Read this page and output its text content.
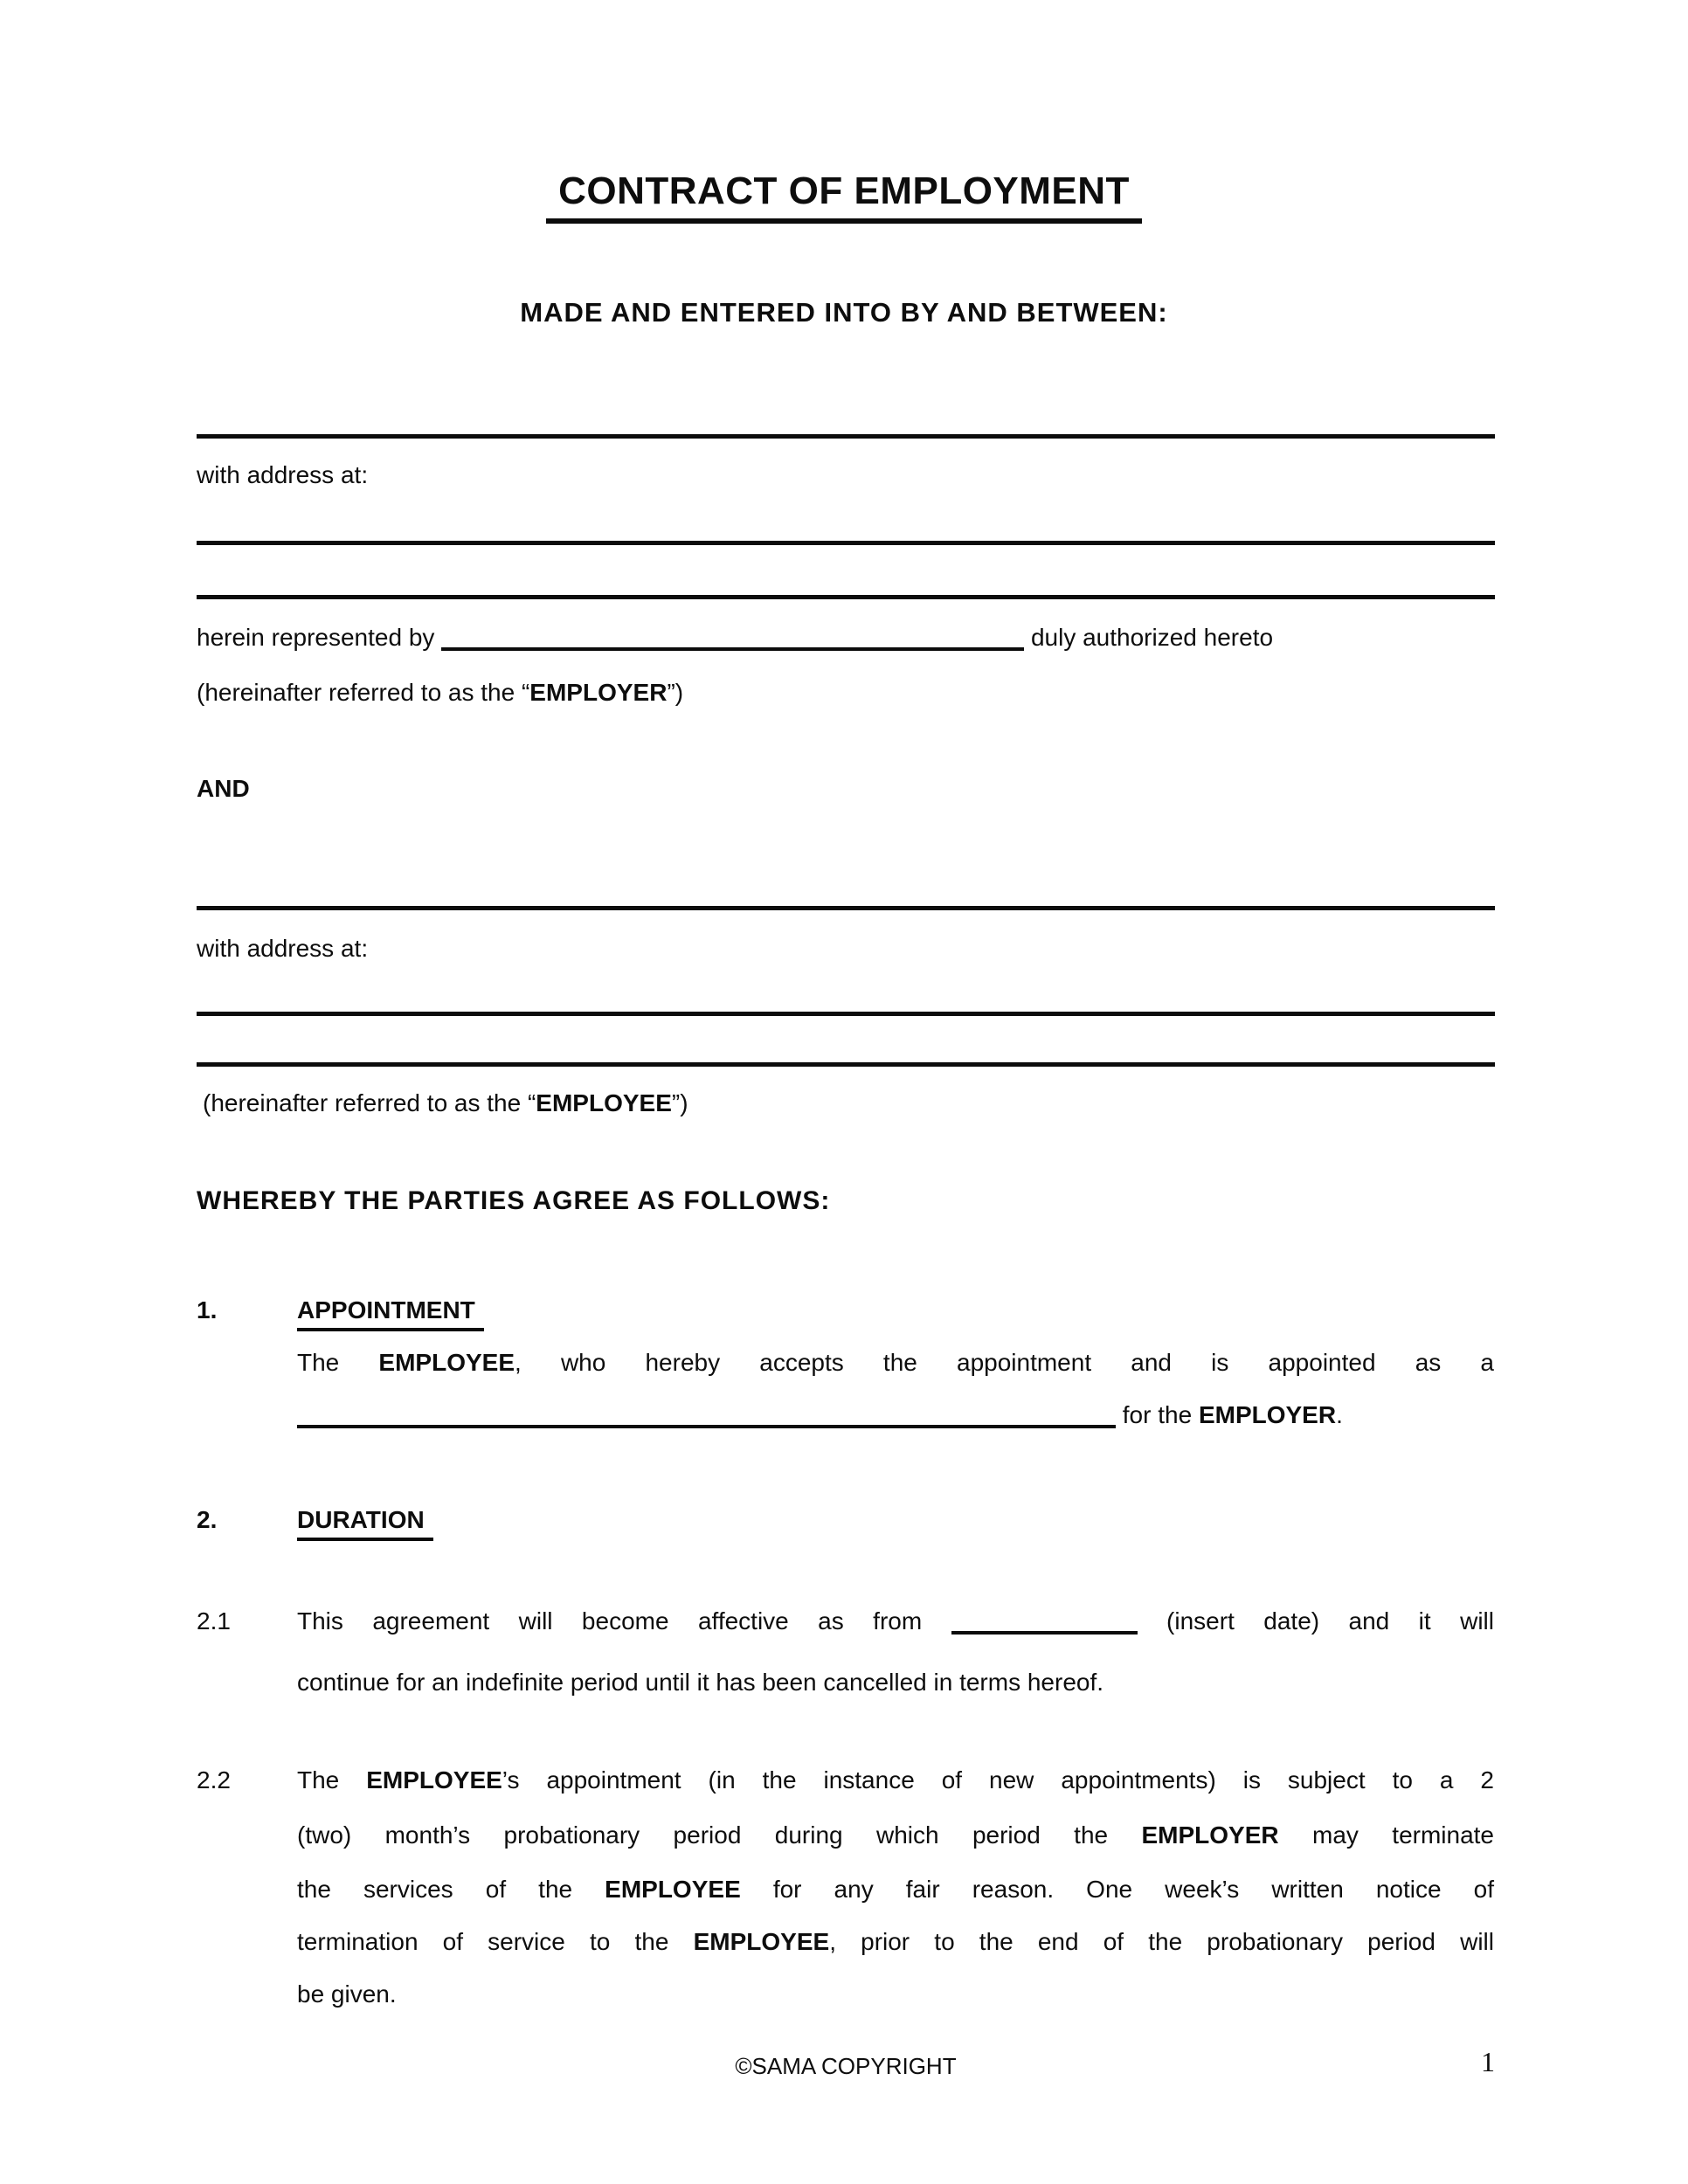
CONTRACT OF EMPLOYMENT
MADE AND ENTERED INTO BY AND BETWEEN:
with address at:
herein represented by	duly authorized hereto
(hereinafter referred to as the “EMPLOYER”)
AND
with address at:
(hereinafter referred to as the “EMPLOYEE”)
WHEREBY THE PARTIES AGREE AS FOLLOWS:
1.	APPOINTMENT
The EMPLOYEE, who hereby accepts the appointment and is appointed as a
for the EMPLOYER.
2.	DURATION
2.1	This agreement will become affective as from	(insert date) and it will
continue for an indefinite period until it has been cancelled in terms hereof.
2.2	The EMPLOYEE’s appointment (in the instance of new appointments) is subject to a 2
(two) month’s probationary period during which period the EMPLOYER may terminate
the services of the EMPLOYEE for any fair reason. One week’s written notice of
termination of service to the EMPLOYEE, prior to the end of the probationary period will
be given.
©SAMA COPYRIGHT	1
